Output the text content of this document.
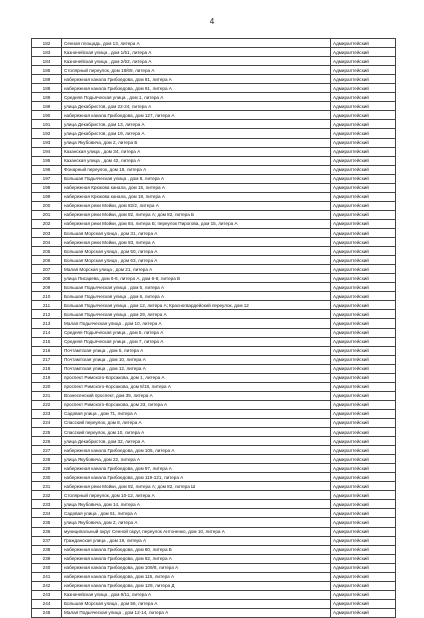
4
182	Сенная площадь, дом 13, литера А	Адмиралтейский
183	Казначейская улица , дом 1/61, литера А	Адмиралтейский
184	Казначейская улица , дом 2/63, литера А	Адмиралтейский
185	Столярный переулок, дом 18/69, литера А	Адмиралтейский
189	набережная канала Грибоедова, дом 81, литера А	Адмиралтейский
188	набережная канала Грибоедова, дом 91, литера А	Адмиралтейский
189	Средняя Подьяческая улица , дом 1, литера А	Адмиралтейский
189	улица Декабристов, дом 22-24, литера А	Адмиралтейский
190	набережная канала Грибоедова, дом 127, литера А	Адмиралтейский
191	улица Декабристов, дом 13, литера А	Адмиралтейский
192	улица Декабристов, дом 19, литера А	Адмиралтейский
193	улица Якубовича, дом 2, литера Б	Адмиралтейский
194	Казанская улица , дом 34, литера А	Адмиралтейский
195	Казанская улица , дом 42, литера А	Адмиралтейский
196	Фонарный переулок, дом 18, литера А	Адмиралтейский
197	Большая Подьяческая улица , дом 8, литера А	Адмиралтейский
198	набережная Крюкова канала, дом 15, литера А	Адмиралтейский
199	набережная Крюкова канала, дом 19, литера А	Адмиралтейский
200	набережная реки Мойки, дом 82/2, литера А	Адмиралтейский
201	набережная реки Мойки, дом 82, литера А; дом 82, литера Б	Адмиралтейский
202	набережная реки Мойки, дом 84, литера Б; переулок Пирогова, дом 15, литера А	Адмиралтейский
203	Большая Морская улица , дом 31, литера А	Адмиралтейский
204	набережная реки Мойки, дом 93, литера А	Адмиралтейский
205	Большая Морская улица , дом 50, литера А	Адмиралтейский
206	Большая Морская улица , дом 63, литера А	Адмиралтейский
207	Малая Морская улица , дом 21, литера А	Адмиралтейский
208	улица Писарева, дом 6-8, литера А, дом 6-8, литера В	Адмиралтейский
209	Большая Подьяческая улица , дом 5, литера А	Адмиралтейский
210	Большая Подьяческая улица , дом 6, литера А	Адмиралтейский
211	Большая Подьяческая улица , дом 12, литера А; Красногвардейский переулок, дом 12	Адмиралтейский
212	Большая Подьяческая улица , дом 29, литера А	Адмиралтейский
213	Малая Подьяческая улица , дом 10, литера А	Адмиралтейский
214	Средняя Подьяческая улица , дом 5, литера А	Адмиралтейский
215	Средняя Подьяческая улица , дом 7, литера А	Адмиралтейский
216	Почтамтская улица , дом 5, литера А	Адмиралтейский
217	Почтамтская улица , дом 10, литера А	Адмиралтейский
218	Почтамтская улица , дом 12, литера А	Адмиралтейский
219	проспект Римского-Корсакова, дом 1, литера А	Адмиралтейский
220	проспект Римского-Корсакова, дом 8/18, литера А	Адмиралтейский
221	Вознесенский проспект, дом 35, литера А	Адмиралтейский
222	проспект Римского-Корсакова, дом 33, литера А	Адмиралтейский
223	Садовая улица , дом 71, литера А	Адмиралтейский
224	Спасский переулок, дом 8, литера А	Адмиралтейский
225	Спасский переулок, дом 10, литера А	Адмиралтейский
226	улица Декабристов, дом 32, литера А	Адмиралтейский
227	набережная канала Грибоедова, дом 105, литера А	Адмиралтейский
228	улица Якубовича, дом 22, литера А	Адмиралтейский
229	набережная канала Грибоедова, дом 97, литера А	Адмиралтейский
230	набережная канала Грибоедова, дом 119-121, литера А	Адмиралтейский
231	набережная реки Мойки, дом 82, литера А; дом 82, литера Ш	Адмиралтейский
232	Столярный переулок, дом 10-12, литера А	Адмиралтейский
233	улица Якубовича, дом 14, литера А	Адмиралтейский
234	Садовая улица , дом 51, литера А	Адмиралтейский
235	улица Якубовича, дом 2, литера А	Адмиралтейский
236	муниципальный округ Сенной округ, переулок Антоненко, дом 10, литера А	Адмиралтейский
237	Гражданская улица , дом 19, литера А	Адмиралтейский
238	набережная канала Грибоедова, дом 80, литера Б	Адмиралтейский
239	набережная канала Грибоедова, дом 82, литера А	Адмиралтейский
240	набережная канала Грибоедова, дом 109/8, литера А	Адмиралтейский
241	набережная канала Грибоедова, дом 115, литера А	Адмиралтейский
242	набережная канала Грибоедова, дом 129, литера Д	Адмиралтейский
243	Казначейская улица , дом 9/11, литера А	Адмиралтейский
244	Большая Морская улица , дом 56, литера А	Адмиралтейский
245	Малая Подьяческая улица , дом 12-14, литера А	Адмиралтейский
